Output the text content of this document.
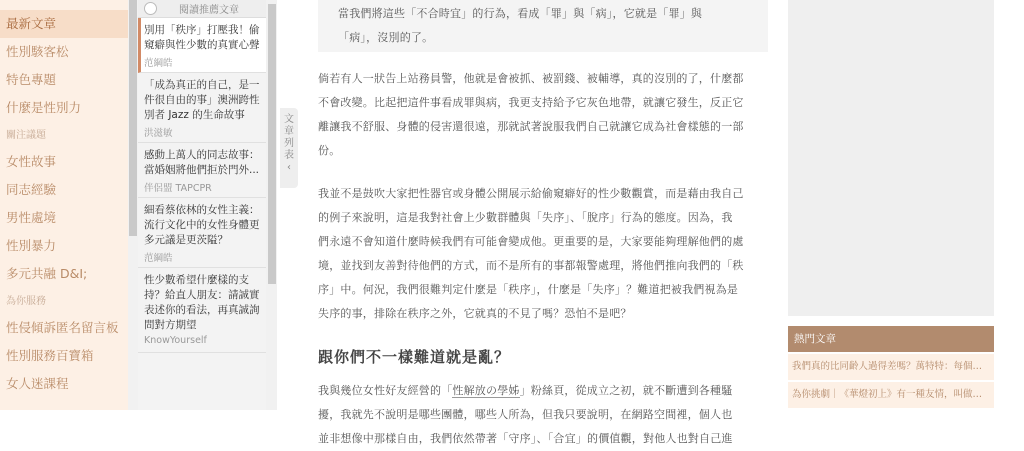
最新文章
性別駭客松
特色專題
什麼是性別力
關注議題
女性故事
同志經驗
男性處境
性別暴力
多元共融 D&I;
為你服務
性侵傾訴匿名留言板
性別服務百寶箱
女人迷課程
閱讀推薦文章
別用「秩序」打壓我！偷窺癖與性少數的真實心聲
范綱皓
「成為真正的自己，是一件很自由的事」澳洲跨性別者 Jazz 的生命故事
洪滋敏
感動上萬人的同志故事：當婚姻將他們拒於門外...
伴侶盟 TAPCPR
細看蔡依林的女性主義：流行文化中的女性身體更多元議是更茨隘？
范綱皓
性少數希望什麼樣的支持？給直人朋友：請誠實表述你的看法，再真誠詢問對方期望
KnowYourself
文
章
列
表
‹

當我們將這些「不合時宜」的行為，看成「罪」與「病」，它就是「罪」與

「病」，沒別的了。

倘若有人一狀告上站務員警，他就是會被抓、被罰錢、被輔導，真的沒別的了，什麼都
不會改變。比起把這件事看成罪與病，我更支持給予它灰色地帶，就讓它發生，反正它
離讓我不舒服、身體的侵害還很遠，那就試著說服我們自己就讓它成為社會樣態的一部
份。
我並不是鼓吹大家把性器官或身體公開展示給偷窺癖好的性少數觀賞，而是藉由我自己
的例子來說明，這是我對社會上少數群體與「失序」、「脫序」行為的態度。因為，我
們永遠不會知道什麼時候我們有可能會變成他。更重要的是，大家要能夠理解他們的處
境，並找到友善對待他們的方式，而不是所有的事都報警處理，將他們推向我們的「秩
序」中。何況，我們很難判定什麼是「秩序」，什麼是「失序」？難道把被我們視為是
失序的事，排除在秩序之外，它就真的不見了嗎？恐怕不是吧？
跟你們不一樣難道就是亂？
我與幾位女性好友經營的「性解放の學姊」粉絲頁，從成立之初，就不斷遭到各種騷
擾，我就先不說明是哪些團體，哪些人所為，但我只要說明，在網路空間裡，個人也
並非想像中那樣自由，我們依然帶著「守序」、「合宜」的價值觀，對他人也對自己進
熱門文章
我們真的比同齡人過得差嗎？萬特特：每個…
為你挑劇｜《華燈初上》有一種友情，叫做…
